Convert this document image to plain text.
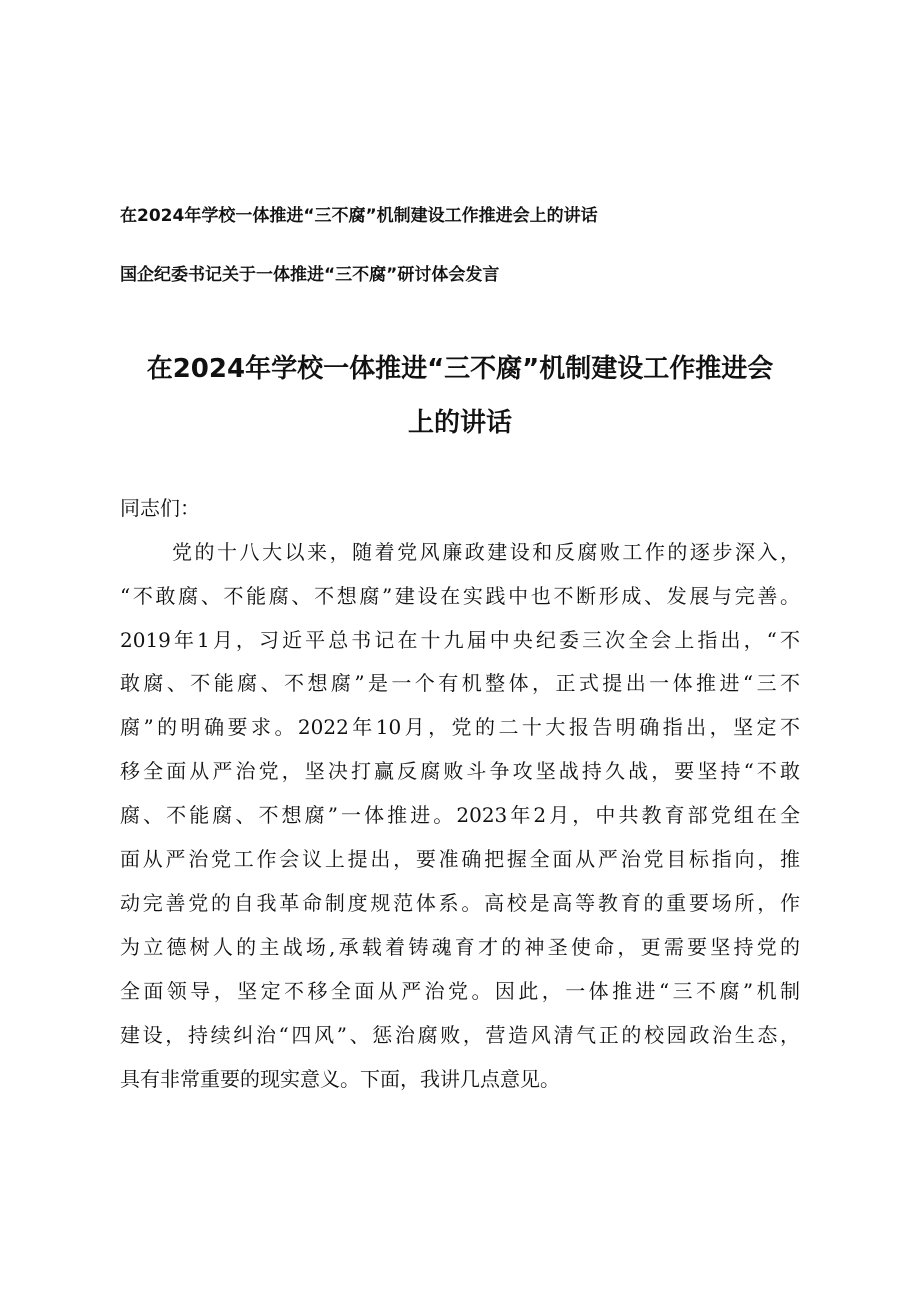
在2024年学校一体推进“三不腐”机制建设工作推进会上的讲话
国企纪委书记关于一体推进“三不腐”研讨体会发言
在2024年学校一体推进“三不腐”机制建设工作推进会
上的讲话
同志们：
党的十八大以来，随着党风廉政建设和反腐败工作的逐步深入，
“不敢腐、不能腐、不想腐”建设在实践中也不断形成、发展与完善。
2019年1月，习近平总书记在十九届中央纪委三次全会上指出，“不
敢腐、不能腐、不想腐”是一个有机整体，正式提出一体推进“三不
腐”的明确要求。2022年10月，党的二十大报告明确指出，坚定不
移全面从严治党，坚决打赢反腐败斗争攻坚战持久战，要坚持“不敢
腐、不能腐、不想腐”一体推进。2023年2月，中共教育部党组在全
面从严治党工作会议上提出，要准确把握全面从严治党目标指向，推
动完善党的自我革命制度规范体系。高校是高等教育的重要场所，作
为立德树人的主战场,承载着铸魂育才的神圣使命，更需要坚持党的
全面领导，坚定不移全面从严治党。因此，一体推进“三不腐”机制
建设，持续纠治“四风”、惩治腐败，营造风清气正的校园政治生态，
具有非常重要的现实意义。下面，我讲几点意见。
